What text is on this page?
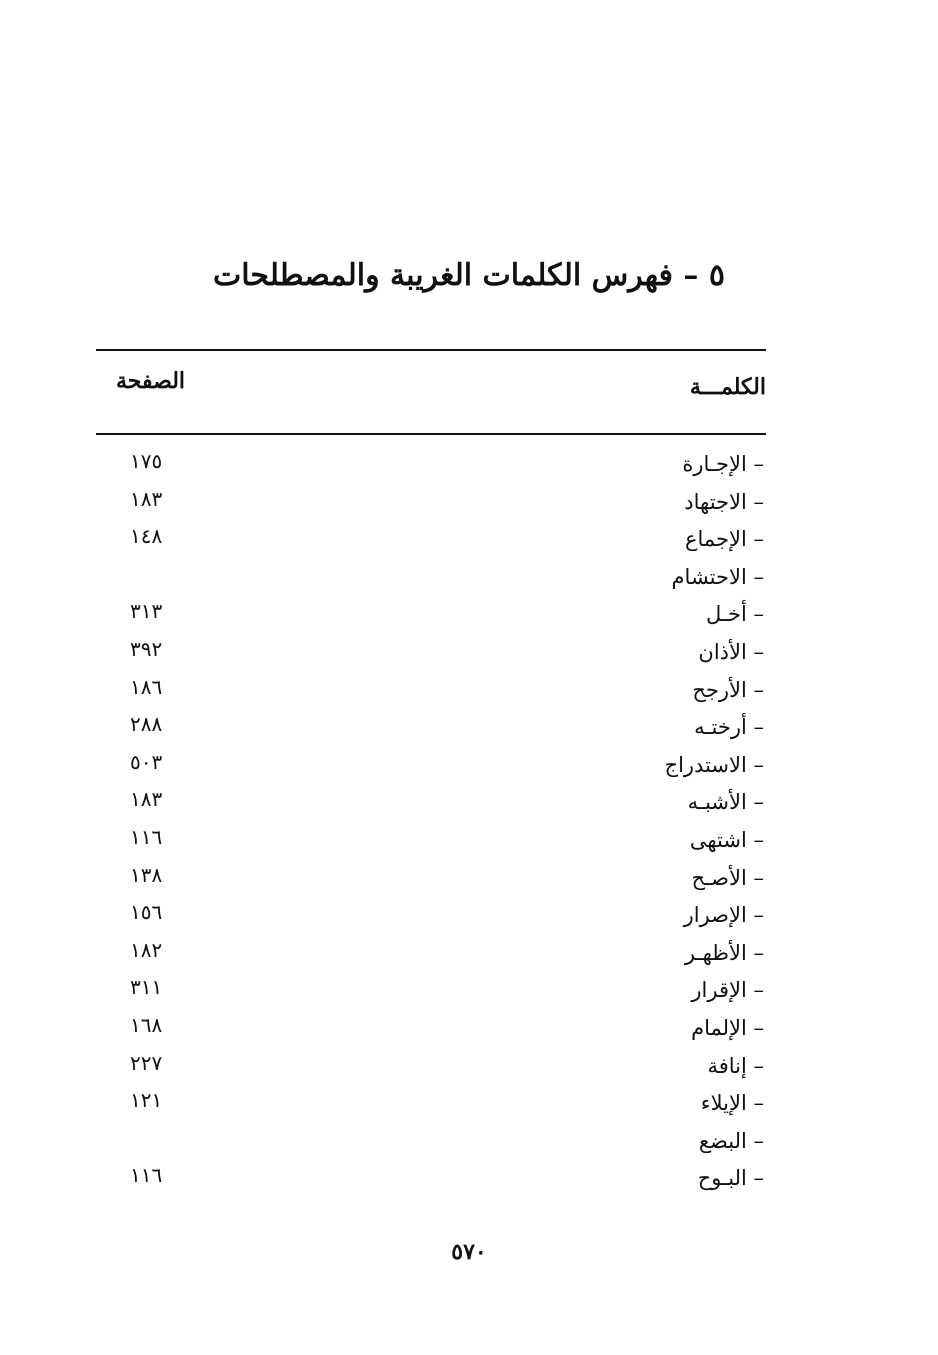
٥ – فهرس الكلمات الغريبة والمصطلحات
الكلمـــة
الصفحة
– الإجـارة
١٧٥
– الاجتهاد
١٨٣
– الإجماع
١٤٨
– الاحتشام
– أخـل
٣١٣
– الأذان
٣٩٢
– الأرجح
١٨٦
– أرختـه
٢٨٨
– الاستدراج
٥٠٣
– الأشبـه
١٨٣
– اشتهى
١١٦
– الأصـح
١٣٨
– الإصرار
١٥٦
– الأظهـر
١٨٢
– الإقرار
٣١١
– الإلمام
١٦٨
– إنافة
٢٢٧
– الإيلاء
١٢١
– البضع
– البـوح
١١٦
٥٧٠
